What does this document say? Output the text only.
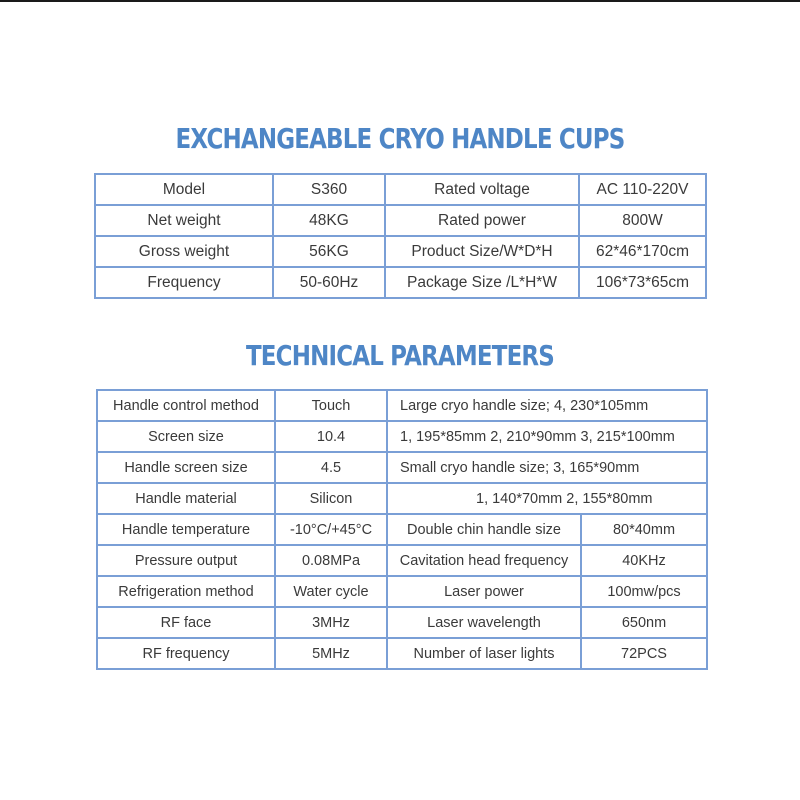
EXCHANGEABLE CRYO HANDLE CUPS
Model	S360	Rated voltage	AC 110-220V
Net weight	48KG	Rated power	800W
Gross weight	56KG	Product Size/W*D*H	62*46*170cm
Frequency	50-60Hz	Package Size /L*H*W	106*73*65cm
TECHNICAL PARAMETERS
Handle control method	Touch	Large cryo handle size; 4, 230*105mm	
Screen size	10.4	1, 195*85mm 2, 210*90mm 3, 215*100mm	
Handle screen size	4.5	Small cryo handle size; 3, 165*90mm	
Handle material	Silicon	1, 140*70mm 2, 155*80mm	
Handle temperature	-10°C/+45°C	Double chin handle size	80*40mm
Pressure output	0.08MPa	Cavitation head frequency	40KHz
Refrigeration method	Water cycle	Laser power	100mw/pcs
RF face	3MHz	Laser wavelength	650nm
RF frequency	5MHz	Number of laser lights	72PCS
